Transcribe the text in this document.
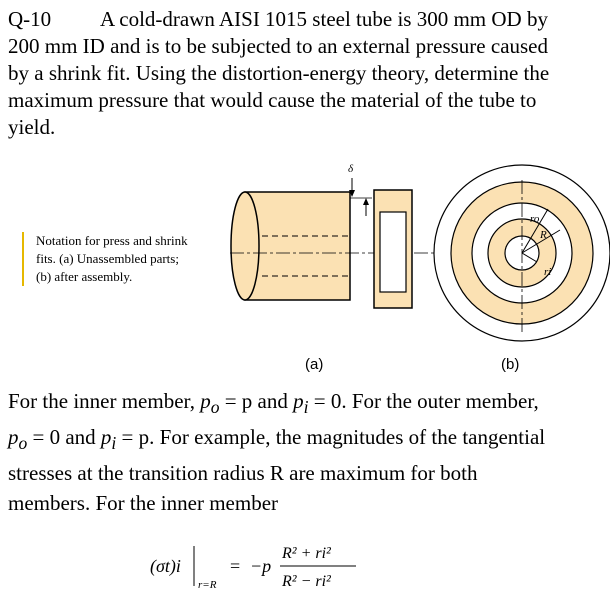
Q-10 A cold-drawn AISI 1015 steel tube is 300 mm OD by
200 mm ID and is to be subjected to an external pressure caused
by a shrink fit. Using the distortion-energy theory, determine the
maximum pressure that would cause the material of the tube to
yield.
δ
ro
R
ri
Notation for press and shrink
fits. (a) Unassembled parts;
(b) after assembly.
(a)	(b)
For the inner member, $p_o = p$ and $p_i = 0$. For the outer member,
$p_o = 0$ and $p_i = p$. For example, the magnitudes of the tangential
stresses at the transition radius R are maximum for both
members. For the inner member
(σt)i
r=R
= −p
R² + ri²
R² − ri²
